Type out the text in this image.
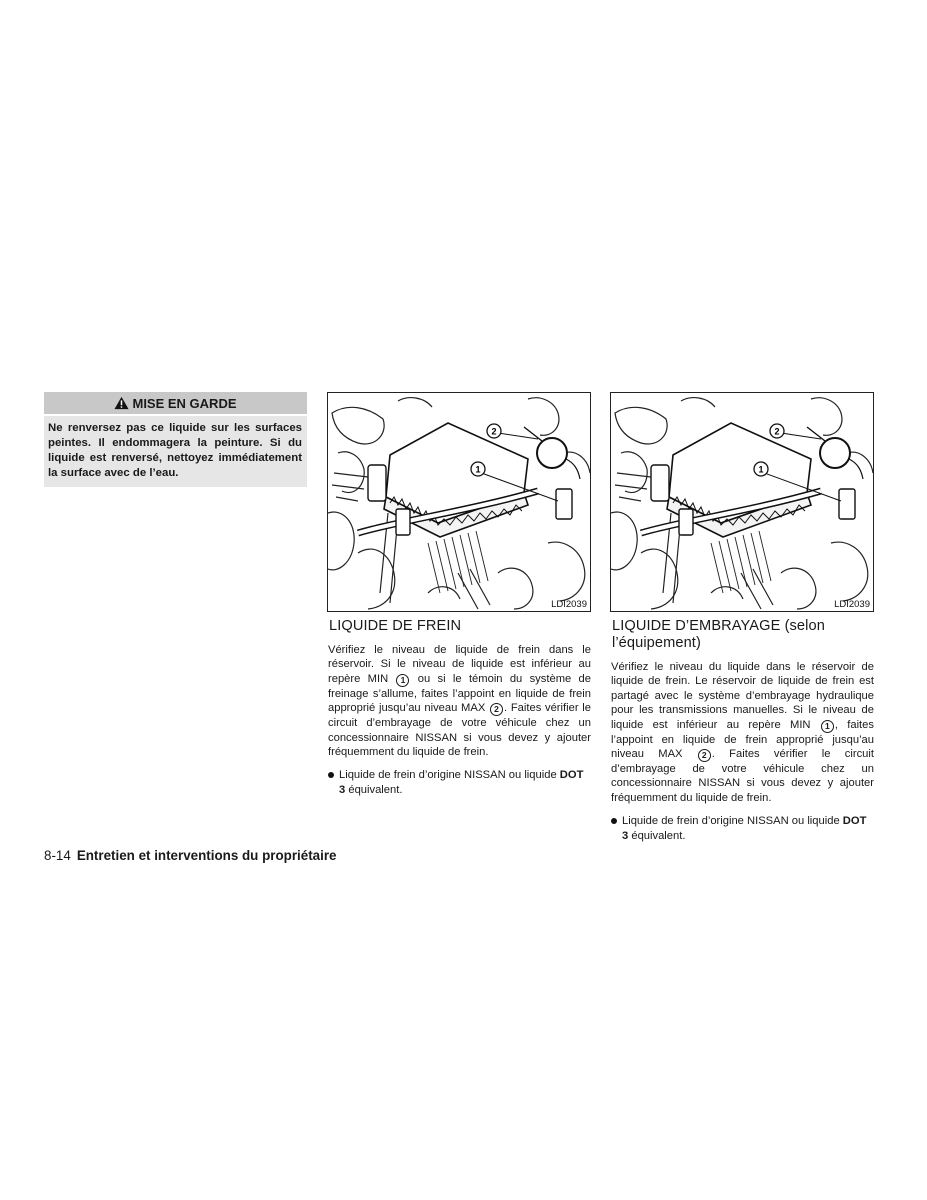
MISE EN GARDE
Ne renversez pas ce liquide sur les surfaces peintes. Il endommagera la peinture. Si du liquide est renversé, nettoyez immédiatement la surface avec de l’eau.
2
1
LDI2039
LIQUIDE DE FREIN

Vérifiez le niveau de liquide de frein dans le réservoir. Si le niveau de liquide est inférieur au repère MIN 1 ou si le témoin du système de freinage s’allume, faites l’appoint en liquide de frein approprié jusqu’au niveau MAX 2 . Faites vérifier le circuit d’embrayage de votre véhicule chez un concessionnaire NISSAN si vous devez y ajouter fréquemment du liquide de frein.

Liquide de frein d’origine NISSAN ou liquide DOT 3 équivalent.
2
1
LDI2039
LIQUIDE D’EMBRAYAGE (selon l’équipement)

Vérifiez le niveau du liquide dans le réservoir de liquide de frein. Le réservoir de liquide de frein est partagé avec le système d’embrayage hydraulique pour les transmissions manuelles. Si le niveau de liquide est inférieur au repère MIN 1 , faites l’appoint en liquide de frein approprié jusqu’au niveau MAX 2 . Faites vérifier le circuit d’embrayage de votre véhicule chez un concessionnaire NISSAN si vous devez y ajouter fréquemment du liquide de frein.

Liquide de frein d’origine NISSAN ou liquide DOT 3 équivalent.
8-14 Entretien et interventions du propriétaire
